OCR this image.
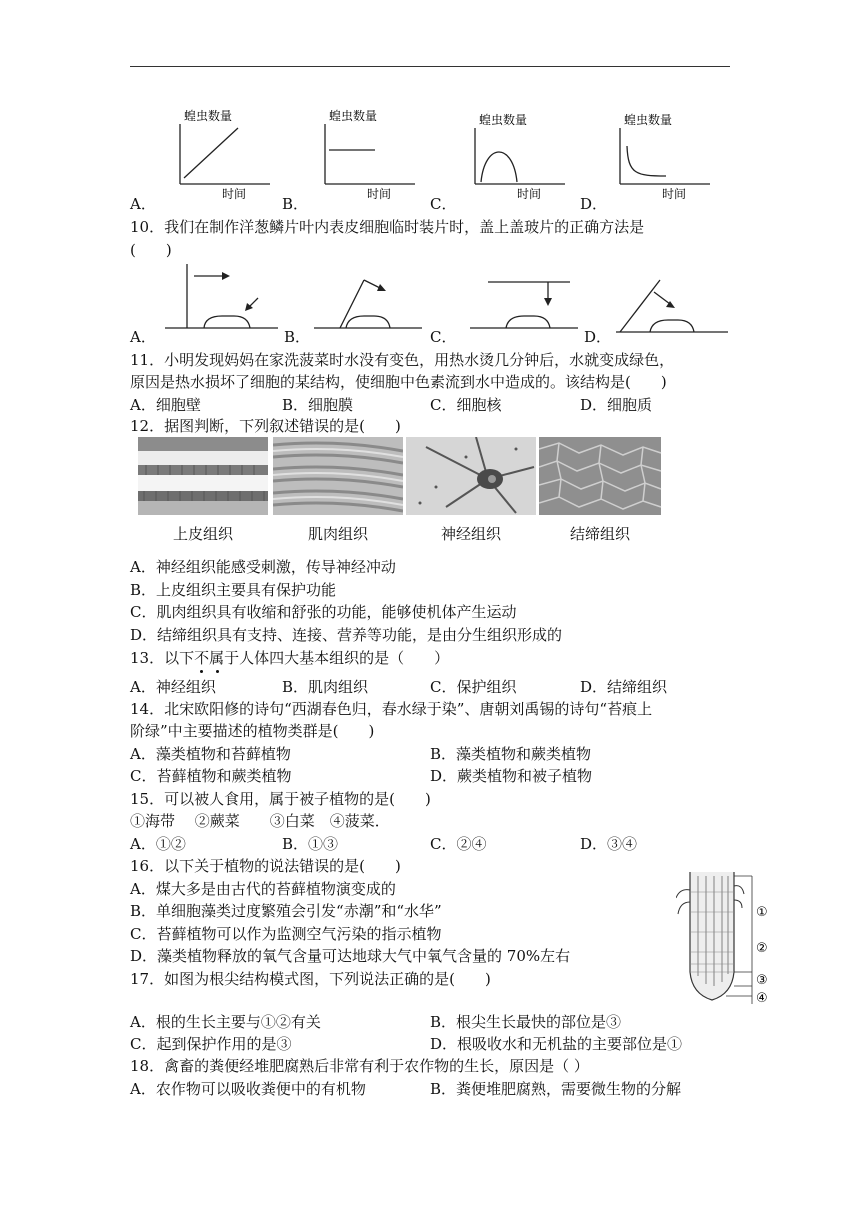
蝗虫数量
时间
蝗虫数量
时间
蝗虫数量
时间
蝗虫数量
时间
A．	B．	C．	D．
10．我们在制作洋葱鳞片叶内表皮细胞临时装片时，盖上盖玻片的正确方法是
(　　)
A．	B．	C．	D．
11．小明发现妈妈在家洗菠菜时水没有变色，用热水烫几分钟后，水就变成绿色，
原因是热水损坏了细胞的某结构，使细胞中色素流到水中造成的。该结构是(　　)
A．细胞壁	B．细胞膜	C．细胞核	D．细胞质
12．据图判断，下列叙述错误的是(　　)
上皮组织	肌肉组织	神经组织	结缔组织
A．神经组织能感受刺激，传导神经冲动
B．上皮组织主要具有保护功能
C．肌肉组织具有收缩和舒张的功能，能够使机体产生运动
D．结缔组织具有支持、连接、营养等功能，是由分生组织形成的
13．以下不属于人体四大基本组织的是（　　）
A．神经组织	B．肌肉组织	C．保护组织	D．结缔组织
14．北宋欧阳修的诗句“西湖春色归，春水绿于染”、唐朝刘禹锡的诗句“苔痕上
阶绿”中主要描述的植物类群是(　　)
A．藻类植物和苔藓植物	B．藻类植物和蕨类植物
C．苔藓植物和蕨类植物	D．蕨类植物和被子植物
15．可以被人食用，属于被子植物的是(　　)
①海带　 ②蕨菜　　③白菜　④菠菜．
A．①②	B．①③	C．②④	D．③④
16．以下关于植物的说法错误的是(　　)
A．煤大多是由古代的苔藓植物演变成的
B．单细胞藻类过度繁殖会引发“赤潮”和“水华”
C．苔藓植物可以作为监测空气污染的指示植物
D．藻类植物释放的氧气含量可达地球大气中氧气含量的 70%左右
①
②
③
④
17．如图为根尖结构模式图，下列说法正确的是(　　)
A．根的生长主要与①②有关	B．根尖生长最快的部位是③
C．起到保护作用的是③	D．根吸收水和无机盐的主要部位是①
18．禽畜的粪便经堆肥腐熟后非常有利于农作物的生长，原因是（ ）
A．农作物可以吸收粪便中的有机物	B．粪便堆肥腐熟，需要微生物的分解
